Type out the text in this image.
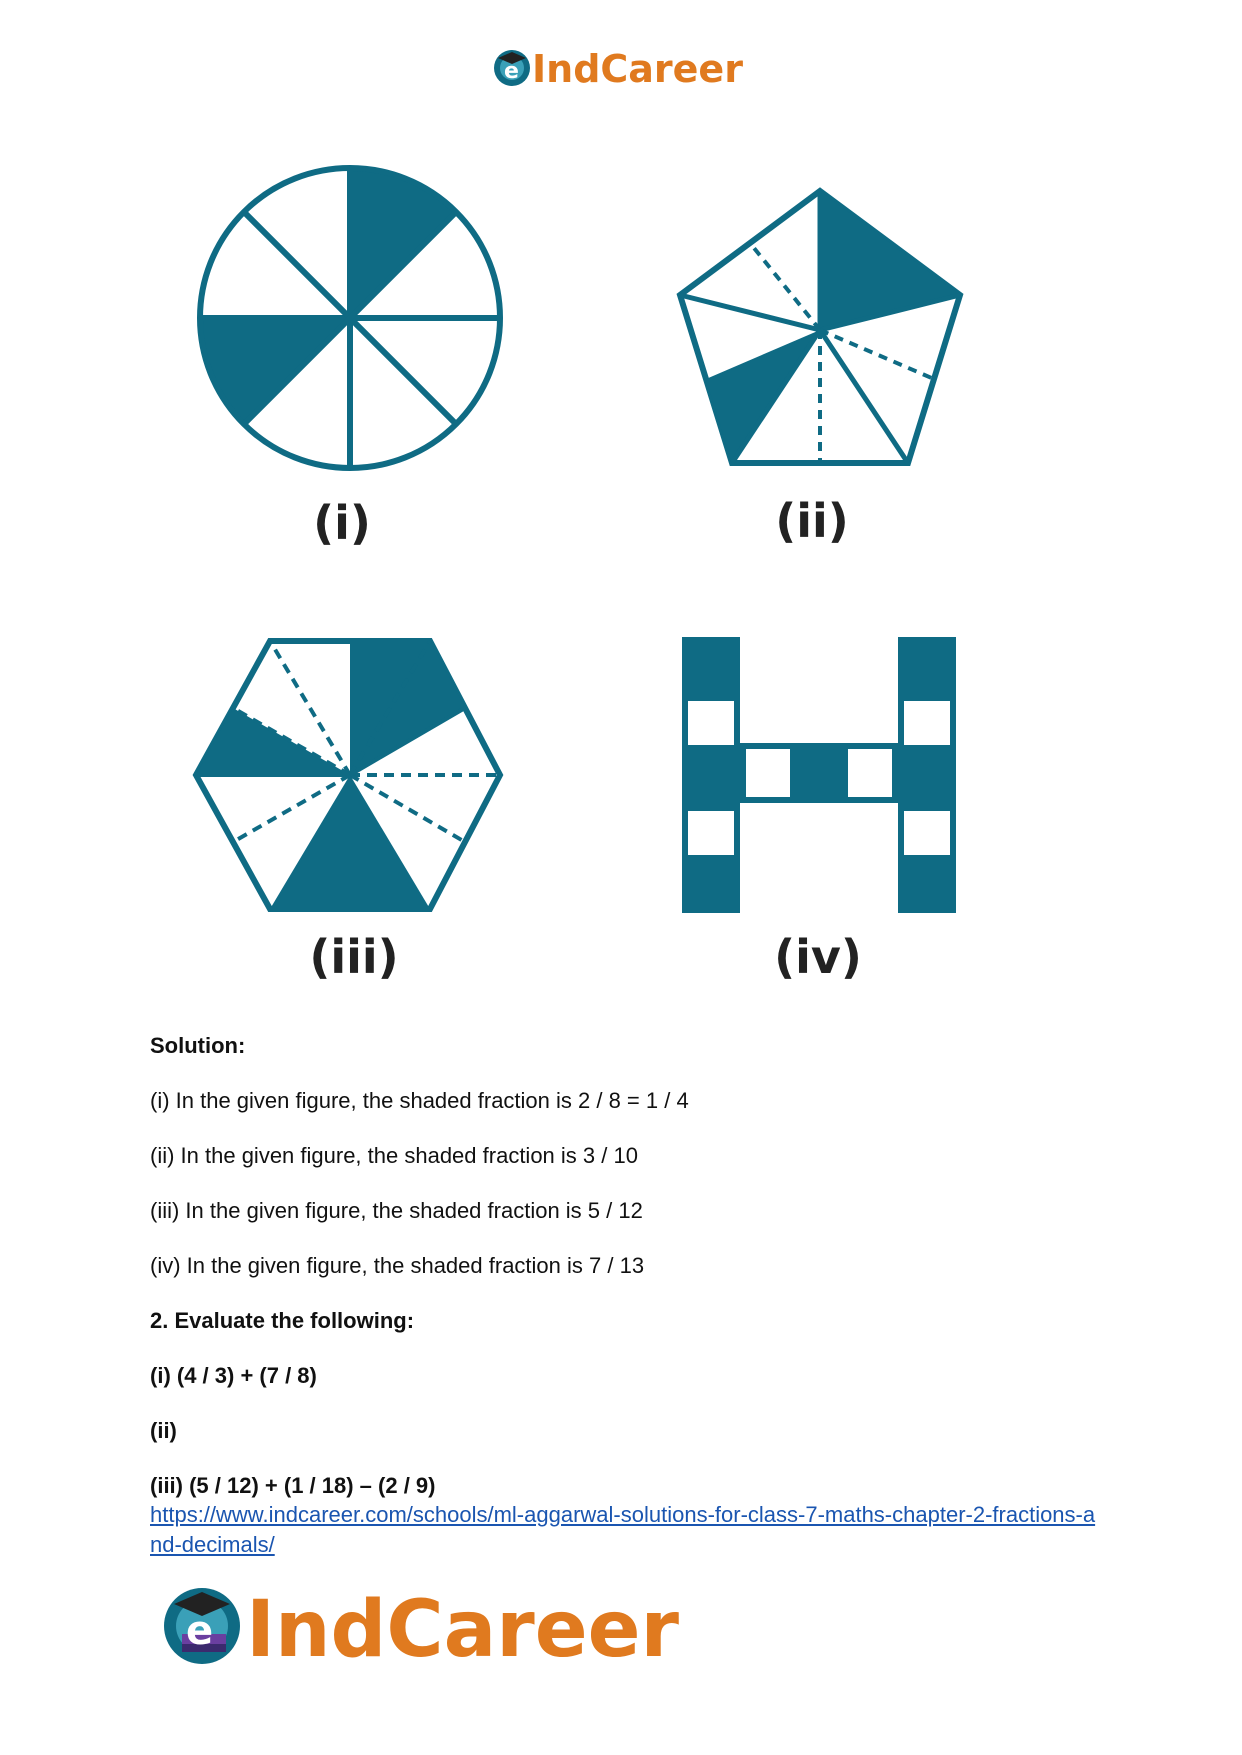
e IndCareer
(i)	(ii)
(iii)	(iv)

Solution:

(i) In the given figure, the shaded fraction is 2 / 8 = 1 / 4

(ii) In the given figure, the shaded fraction is 3 / 10

(iii) In the given figure, the shaded fraction is 5 / 12

(iv) In the given figure, the shaded fraction is 7 / 13

2. Evaluate the following:

(i) (4 / 3) + (7 / 8)

(ii)

(iii) (5 / 12) + (1 / 18) – (2 / 9)

https://www.indcareer.com/schools/ml-aggarwal-solutions-for-class-7-maths-chapter-2-fractions-and-decimals/
e IndCareer
